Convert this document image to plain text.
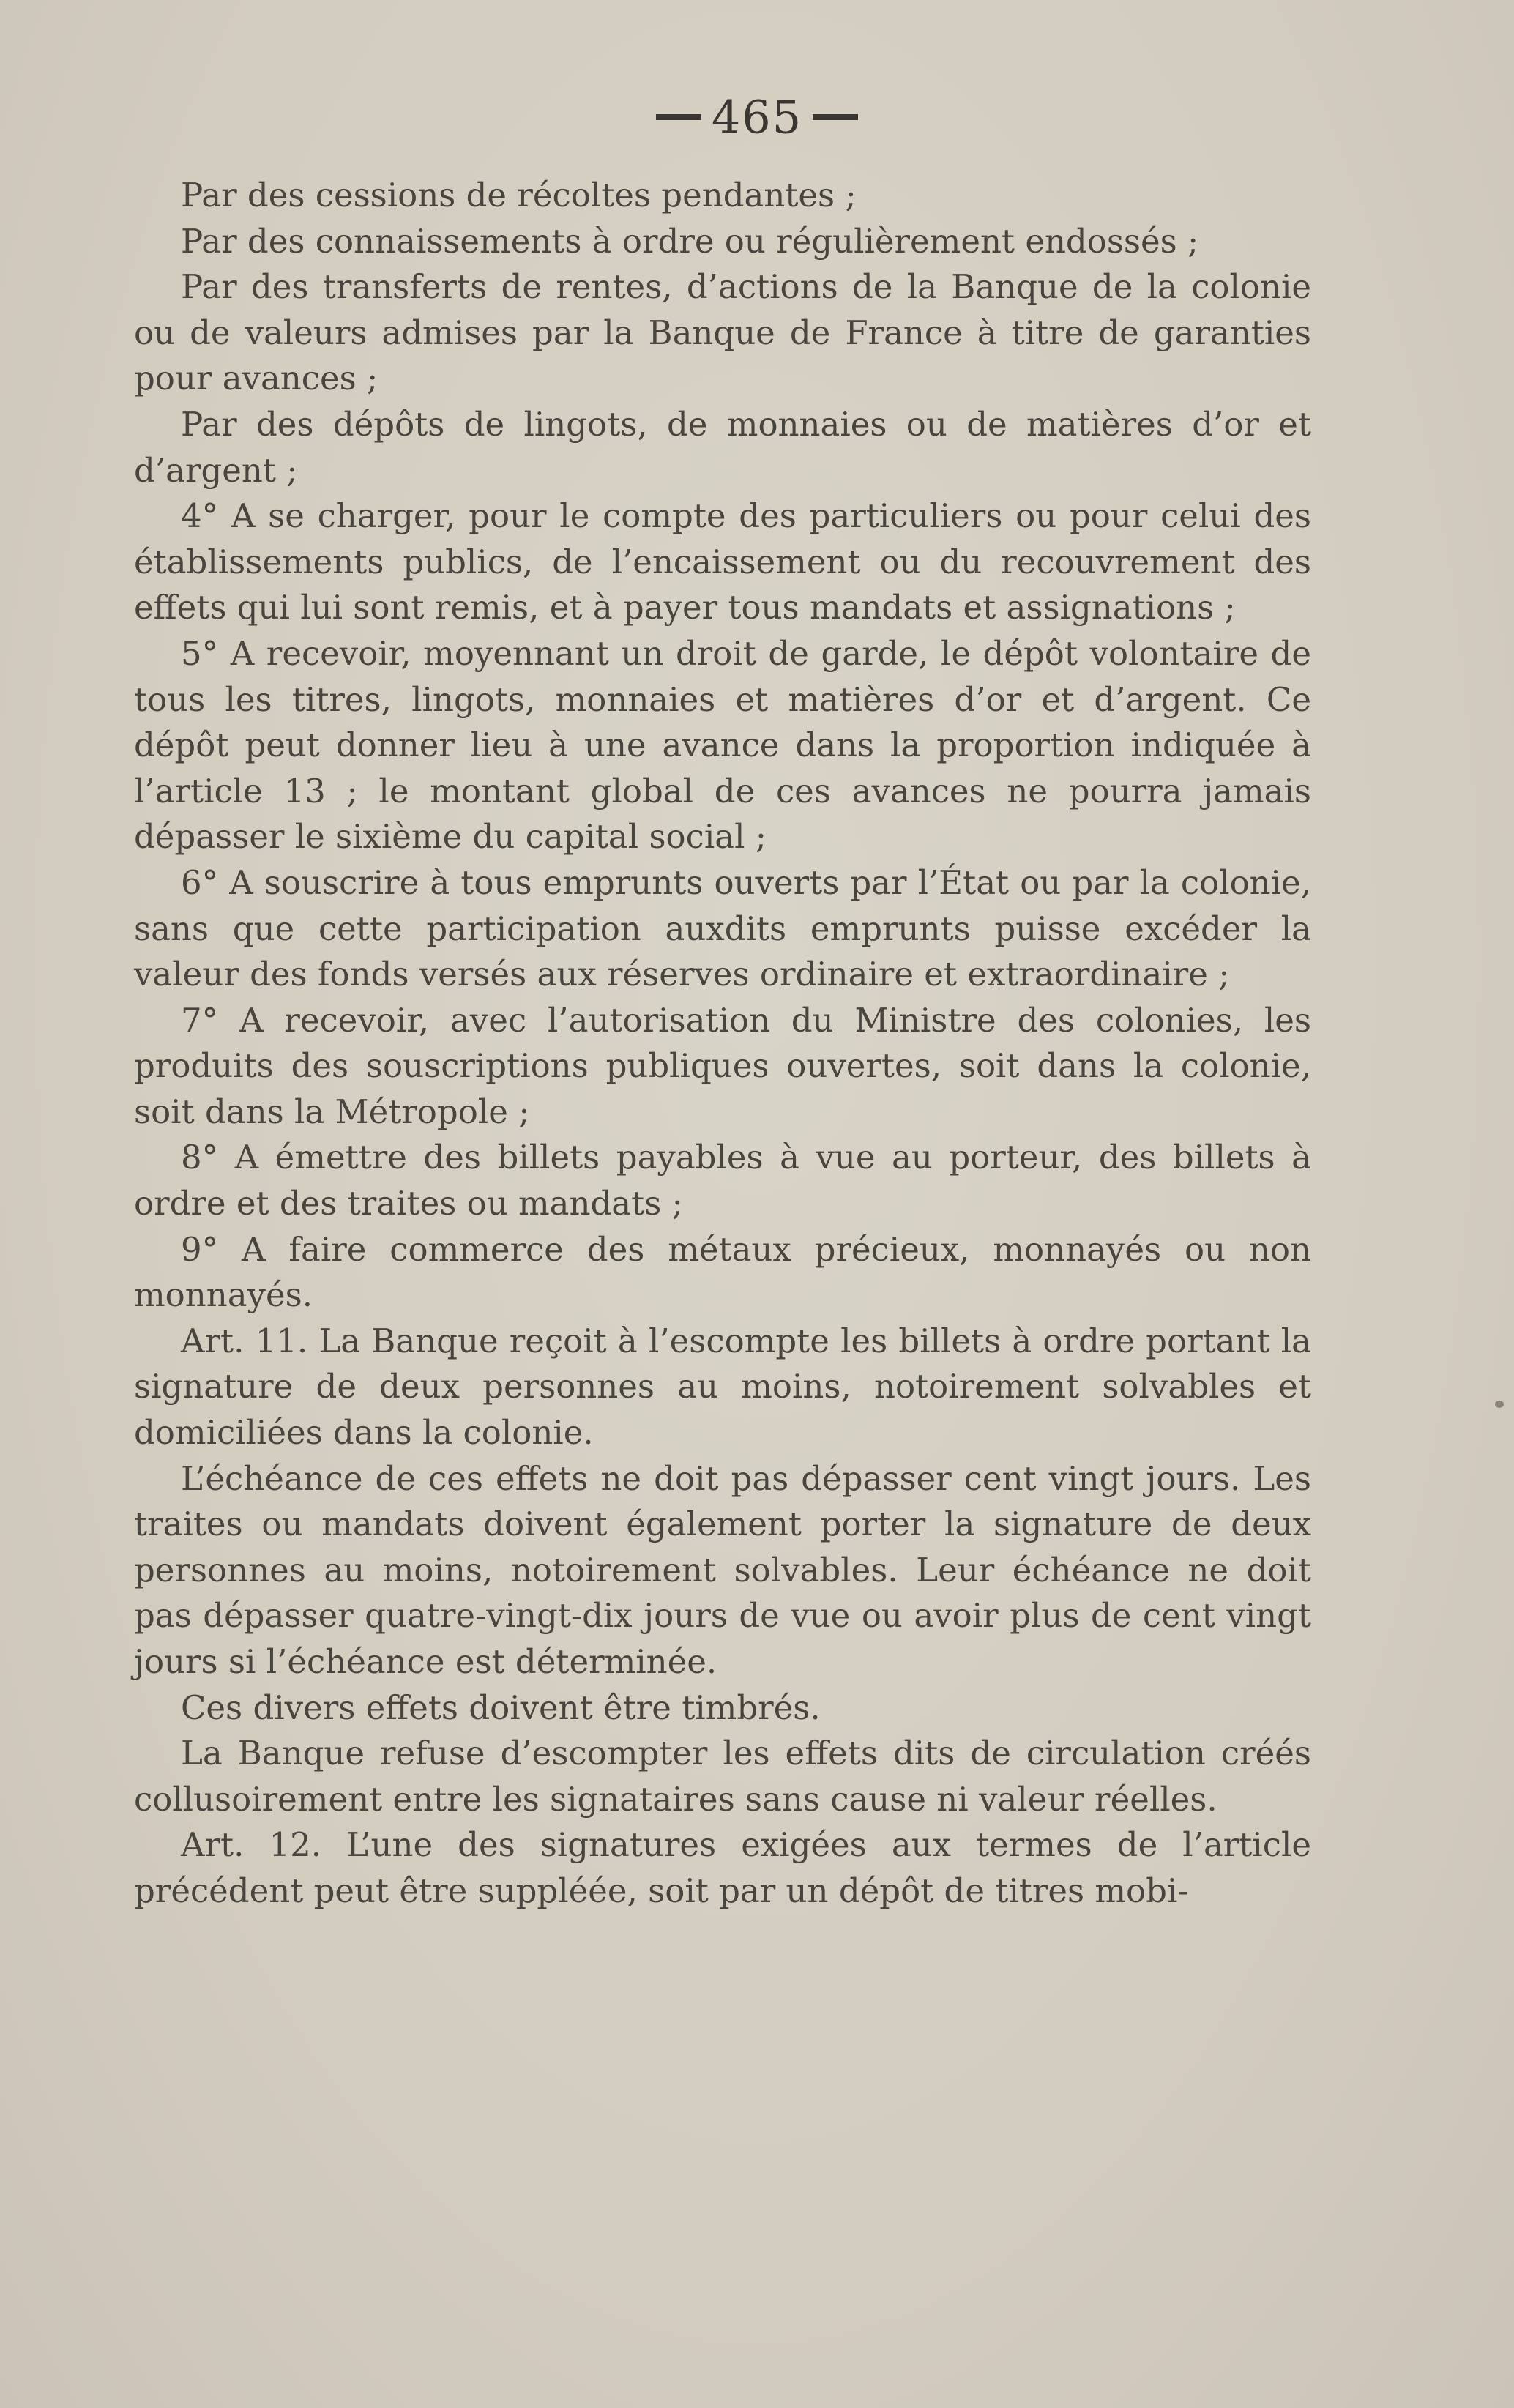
465

Par des cessions de récoltes pendantes ;

Par des connaissements à ordre ou régulièrement endossés ;

Par des transferts de rentes, d’actions de la Banque de la colonie ou de valeurs admises par la Banque de France à titre de garanties pour avances ;

Par des dépôts de lingots, de monnaies ou de matières d’or et d’argent ;

4° A se charger, pour le compte des particuliers ou pour celui des établissements publics, de l’encaissement ou du recouvrement des effets qui lui sont remis, et à payer tous mandats et assignations ;

5° A recevoir, moyennant un droit de garde, le dépôt volontaire de tous les titres, lingots, monnaies et matières d’or et d’argent. Ce dépôt peut donner lieu à une avance dans la proportion indiquée à l’article 13 ; le montant global de ces avances ne pourra jamais dépasser le sixième du capital social ;

6° A souscrire à tous emprunts ouverts par l’État ou par la colonie, sans que cette participation auxdits emprunts puisse excéder la valeur des fonds versés aux réserves ordinaire et extraordinaire ;

7° A recevoir, avec l’autorisation du Ministre des colonies, les produits des souscriptions publiques ouvertes, soit dans la colonie, soit dans la Métropole ;

8° A émettre des billets payables à vue au porteur, des billets à ordre et des traites ou mandats ;

9° A faire commerce des métaux précieux, monnayés ou non monnayés.

Art. 11. La Banque reçoit à l’escompte les billets à ordre portant la signature de deux personnes au moins, notoirement solvables et domiciliées dans la colonie.

L’échéance de ces effets ne doit pas dépasser cent vingt jours. Les traites ou mandats doivent également porter la signature de deux personnes au moins, notoirement solvables. Leur échéance ne doit pas dépasser quatre-vingt-dix jours de vue ou avoir plus de cent vingt jours si l’échéance est déterminée.

Ces divers effets doivent être timbrés.

La Banque refuse d’escompter les effets dits de circulation créés collusoirement entre les signataires sans cause ni valeur réelles.

Art. 12. L’une des signatures exigées aux termes de l’article précédent peut être suppléée, soit par un dépôt de titres mobi-
